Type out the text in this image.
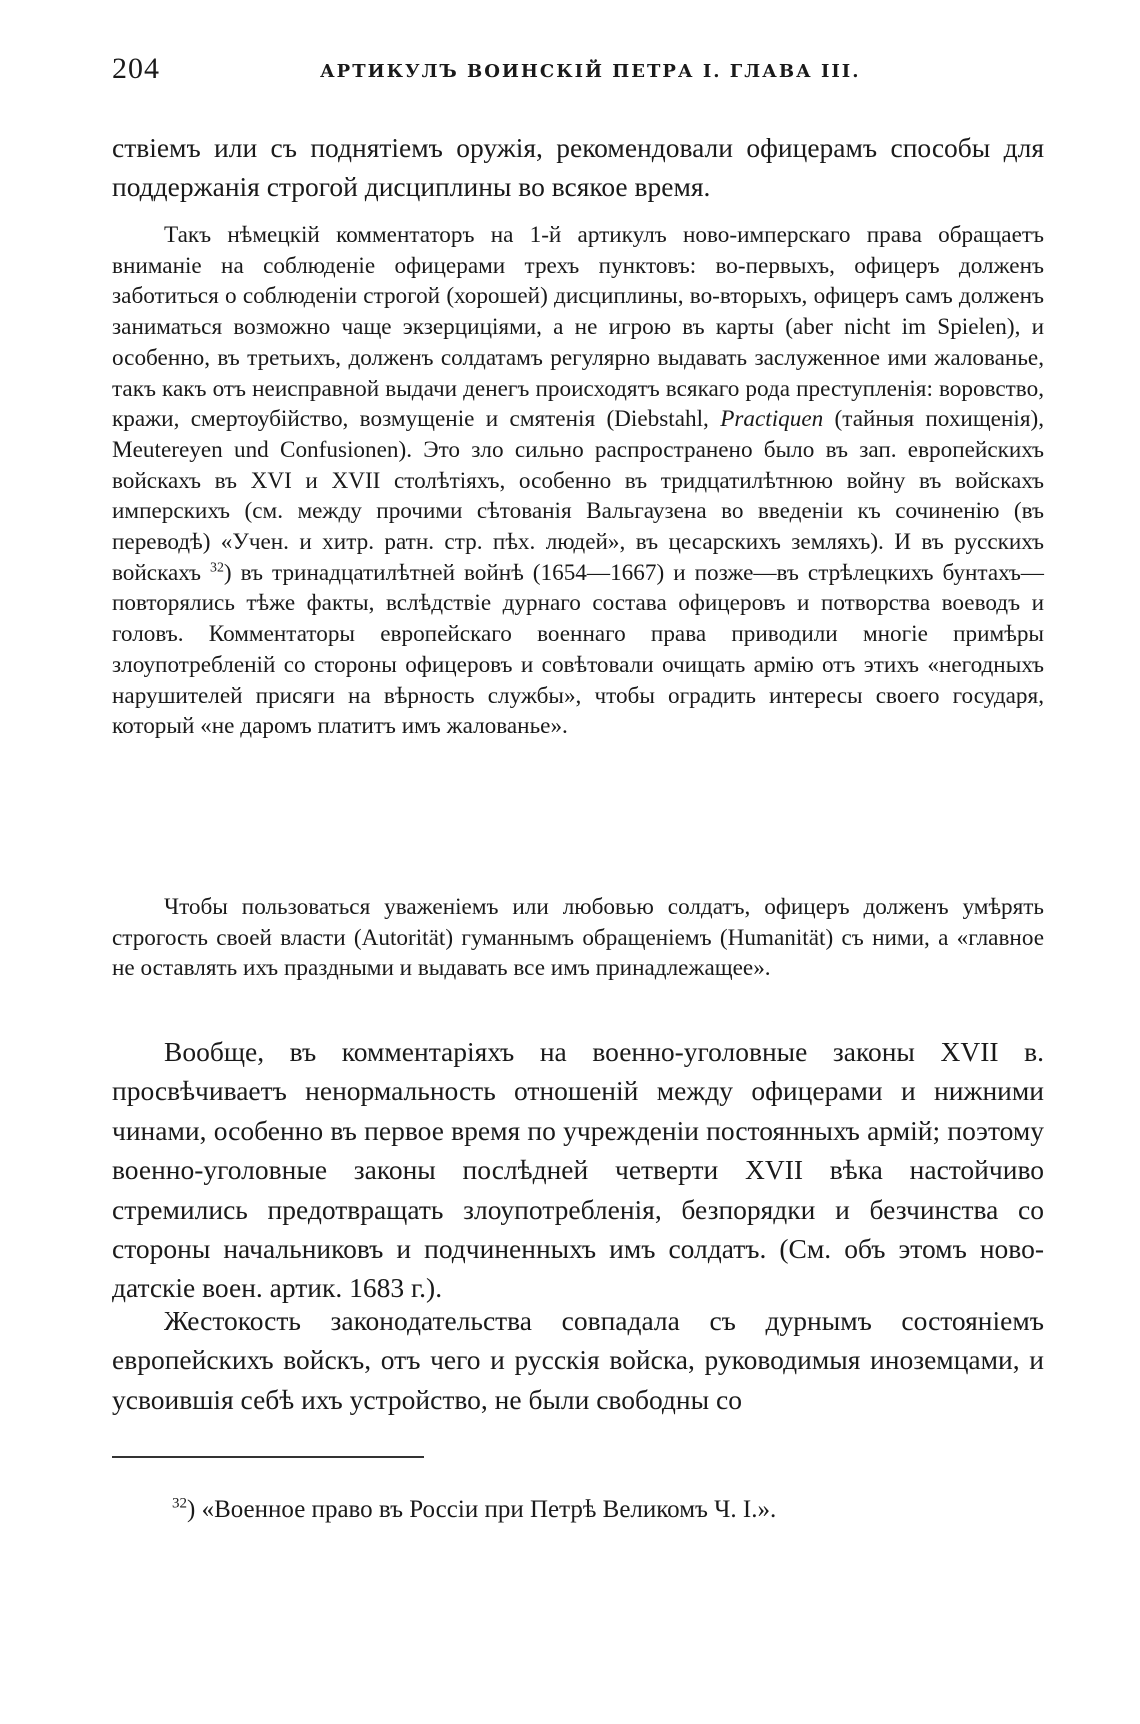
204	АРТИКУЛЪ ВОИНСКІЙ ПЕТРА I. ГЛАВА III.

ствіемъ или съ поднятіемъ оружія, рекомендовали офицерамъ способы для поддержанія строгой дисциплины во всякое время.

Такъ нѣмецкій комментаторъ на 1-й артикулъ ново-имперскаго права обращаетъ вниманіе на соблюденіе офицерами трехъ пунктовъ: во-первыхъ, офицеръ долженъ заботиться о соблюденіи строгой (хорошей) дисциплины, во-вторыхъ, офицеръ самъ долженъ заниматься возможно чаще экзерциціями, а не игрою въ карты (aber nicht im Spielen), и особенно, въ третьихъ, долженъ солдатамъ регулярно выдавать заслуженное ими жалованье, такъ какъ отъ неисправной выдачи денегъ происходятъ всякаго рода преступленія: воровство, кражи, смертоубійство, возмущеніе и смятенія (Diebstahl, Practiquen (тайныя похищенія), Meutereyen und Confusionen). Это зло сильно распространено было въ зап. европейскихъ войскахъ въ XVI и XVII столѣтіяхъ, особенно въ тридцатилѣтнюю войну въ войскахъ имперскихъ (см. между прочими сѣтованія Вальгаузена во введеніи къ сочиненію (въ переводѣ) «Учен. и хитр. ратн. стр. пѣх. людей», въ цесарскихъ земляхъ). И въ русскихъ войскахъ $^{32}$) въ тринадцатилѣтней войнѣ (1654—1667) и позже—въ стрѣлецкихъ бунтахъ—повторялись тѣже факты, вслѣдствіе дурнаго состава офицеровъ и потворства воеводъ и головъ. Комментаторы европейскаго военнаго права приводили многіе примѣры злоупотребленій со стороны офицеровъ и совѣтовали очищать армію отъ этихъ «негодныхъ нарушителей присяги на вѣрность службы», чтобы оградить интересы своего государя, который «не даромъ платитъ имъ жалованье».

Чтобы пользоваться уваженіемъ или любовью солдатъ, офицеръ долженъ умѣрять строгость своей власти (Autorität) гуманнымъ обращеніемъ (Humanität) съ ними, а «главное не оставлять ихъ праздными и выдавать все имъ принадлежащее».

Вообще, въ комментаріяхъ на военно-уголовные законы XVII в. просвѣчиваетъ ненормальность отношеній между офицерами и нижними чинами, особенно въ первое время по учрежденіи постоянныхъ армій; поэтому военно-уголовные законы послѣдней четверти XVII вѣка настойчиво стремились предотвращать злоупотребленія, безпорядки и безчинства со стороны начальниковъ и подчиненныхъ имъ солдатъ. (См. объ этомъ ново-датскіе воен. артик. 1683 г.).

Жестокость законодательства совпадала съ дурнымъ состояніемъ европейскихъ войскъ, отъ чего и русскія войска, руководимыя иноземцами, и усвоившія себѣ ихъ устройство, не были свободны со

$^{32}$) «Военное право въ Россіи при Петрѣ Великомъ Ч. I.».
